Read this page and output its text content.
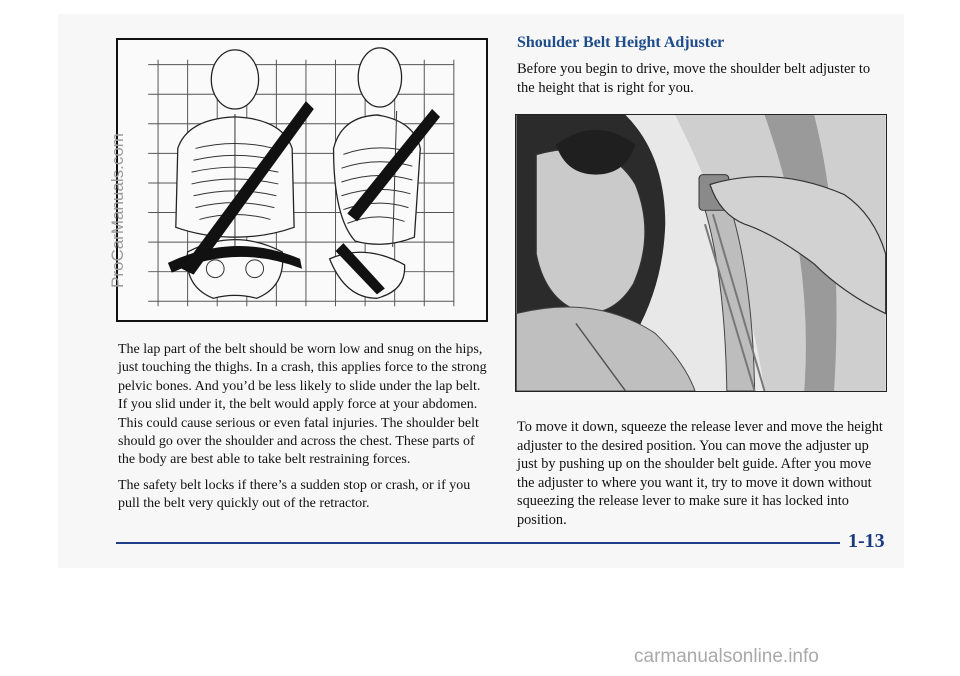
The lap part of the belt should be worn low and snug on the hips, just touching the thighs. In a crash, this applies force to the strong pelvic bones. And you’d be less likely to slide under the lap belt. If you slid under it, the belt would apply force at your abdomen. This could cause serious or even fatal injuries. The shoulder belt should go over the shoulder and across the chest. These parts of the body are best able to take belt restraining forces.

The safety belt locks if there’s a sudden stop or crash, or if you pull the belt very quickly out of the retractor.

Shoulder Belt Height Adjuster

Before you begin to drive, move the shoulder belt adjuster to the height that is right for you.

To move it down, squeeze the release lever and move the height adjuster to the desired position. You can move the adjuster up just by pushing up on the shoulder belt guide. After you move the adjuster to where you want it, try to move it down without squeezing the release lever to make sure it has locked into position.

1-13
ProCarManuals.com
carmanualsonline.info
